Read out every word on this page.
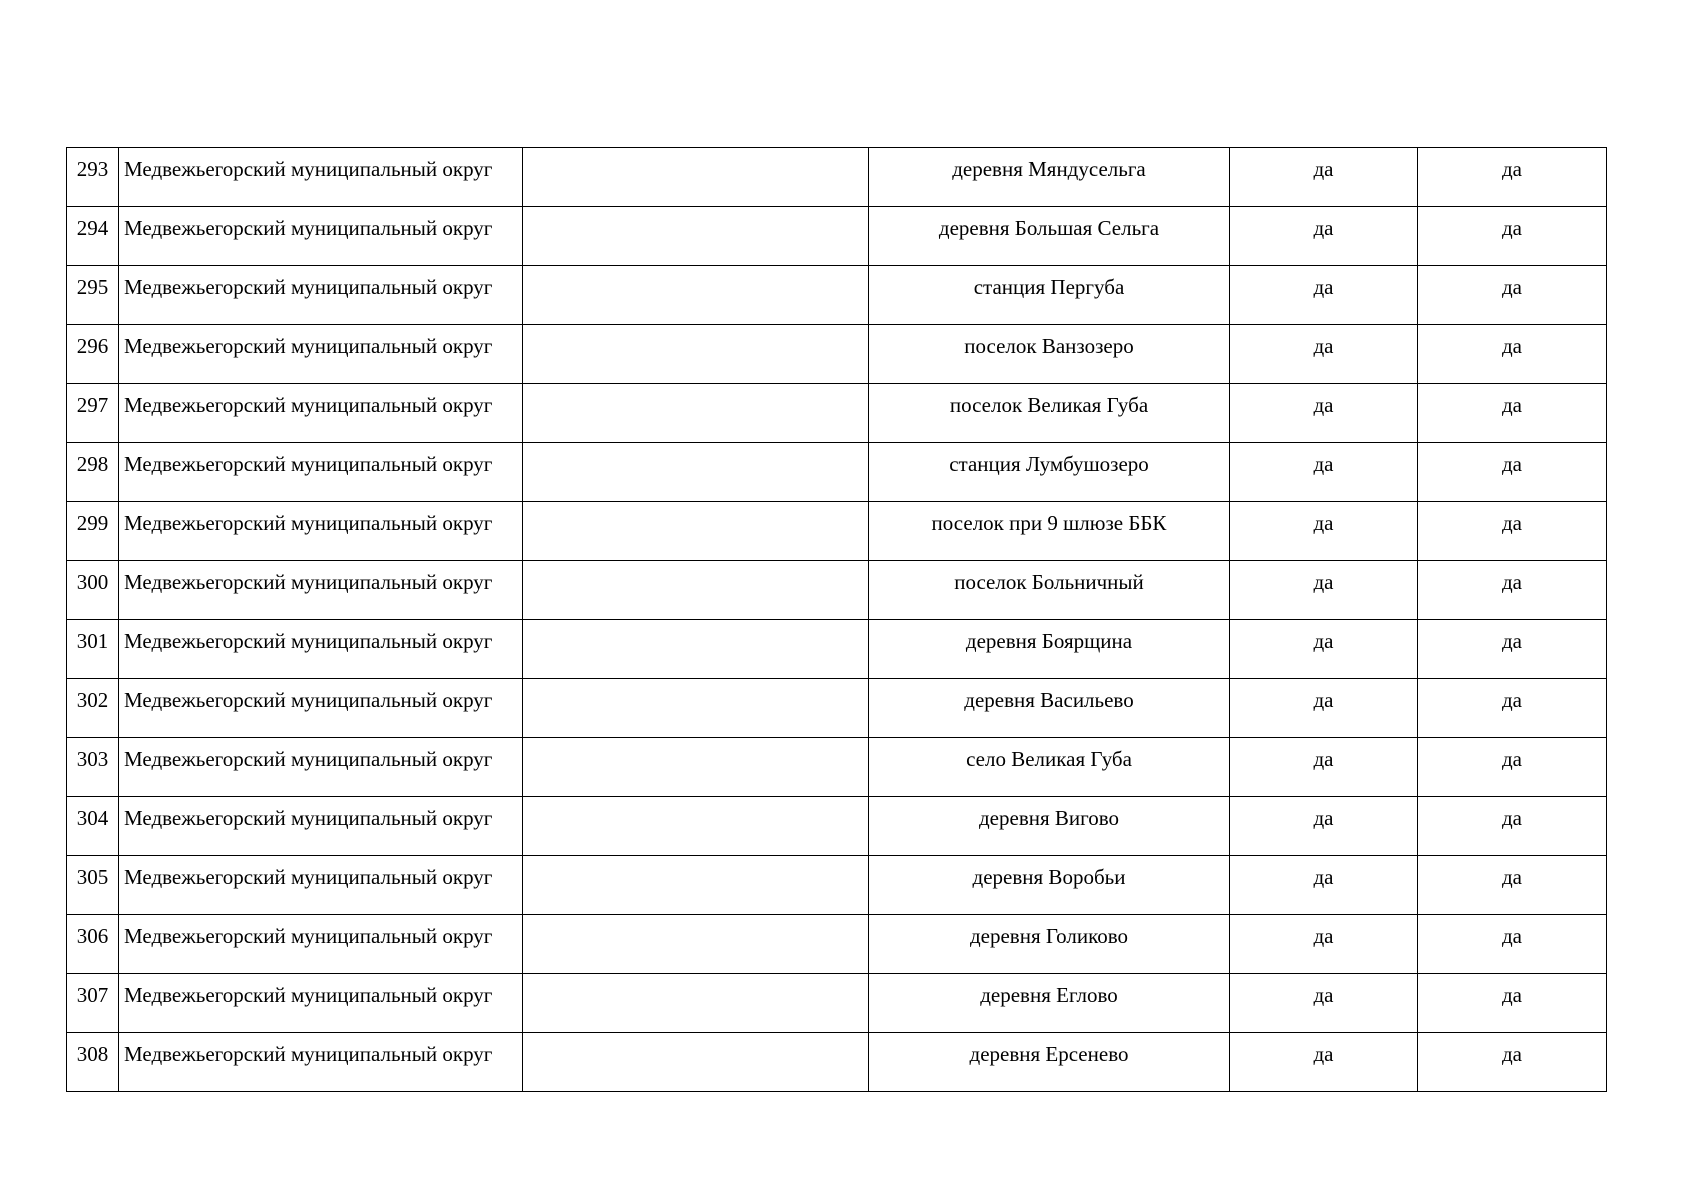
293	Медвежьегорский муниципальный округ		деревня Мяндусельга	да	да

294	Медвежьегорский муниципальный округ		деревня Большая Сельга	да	да

295	Медвежьегорский муниципальный округ		станция Пергуба	да	да

296	Медвежьегорский муниципальный округ		поселок Ванзозеро	да	да

297	Медвежьегорский муниципальный округ		поселок Великая Губа	да	да

298	Медвежьегорский муниципальный округ		станция Лумбушозеро	да	да

299	Медвежьегорский муниципальный округ		поселок при 9 шлюзе ББК	да	да

300	Медвежьегорский муниципальный округ		поселок Больничный	да	да

301	Медвежьегорский муниципальный округ		деревня Боярщина	да	да

302	Медвежьегорский муниципальный округ		деревня Васильево	да	да

303	Медвежьегорский муниципальный округ		село Великая Губа	да	да

304	Медвежьегорский муниципальный округ		деревня Вигово	да	да

305	Медвежьегорский муниципальный округ		деревня Воробьи	да	да

306	Медвежьегорский муниципальный округ		деревня Голиково	да	да

307	Медвежьегорский муниципальный округ		деревня Еглово	да	да

308	Медвежьегорский муниципальный округ		деревня Ерсенево	да	да
